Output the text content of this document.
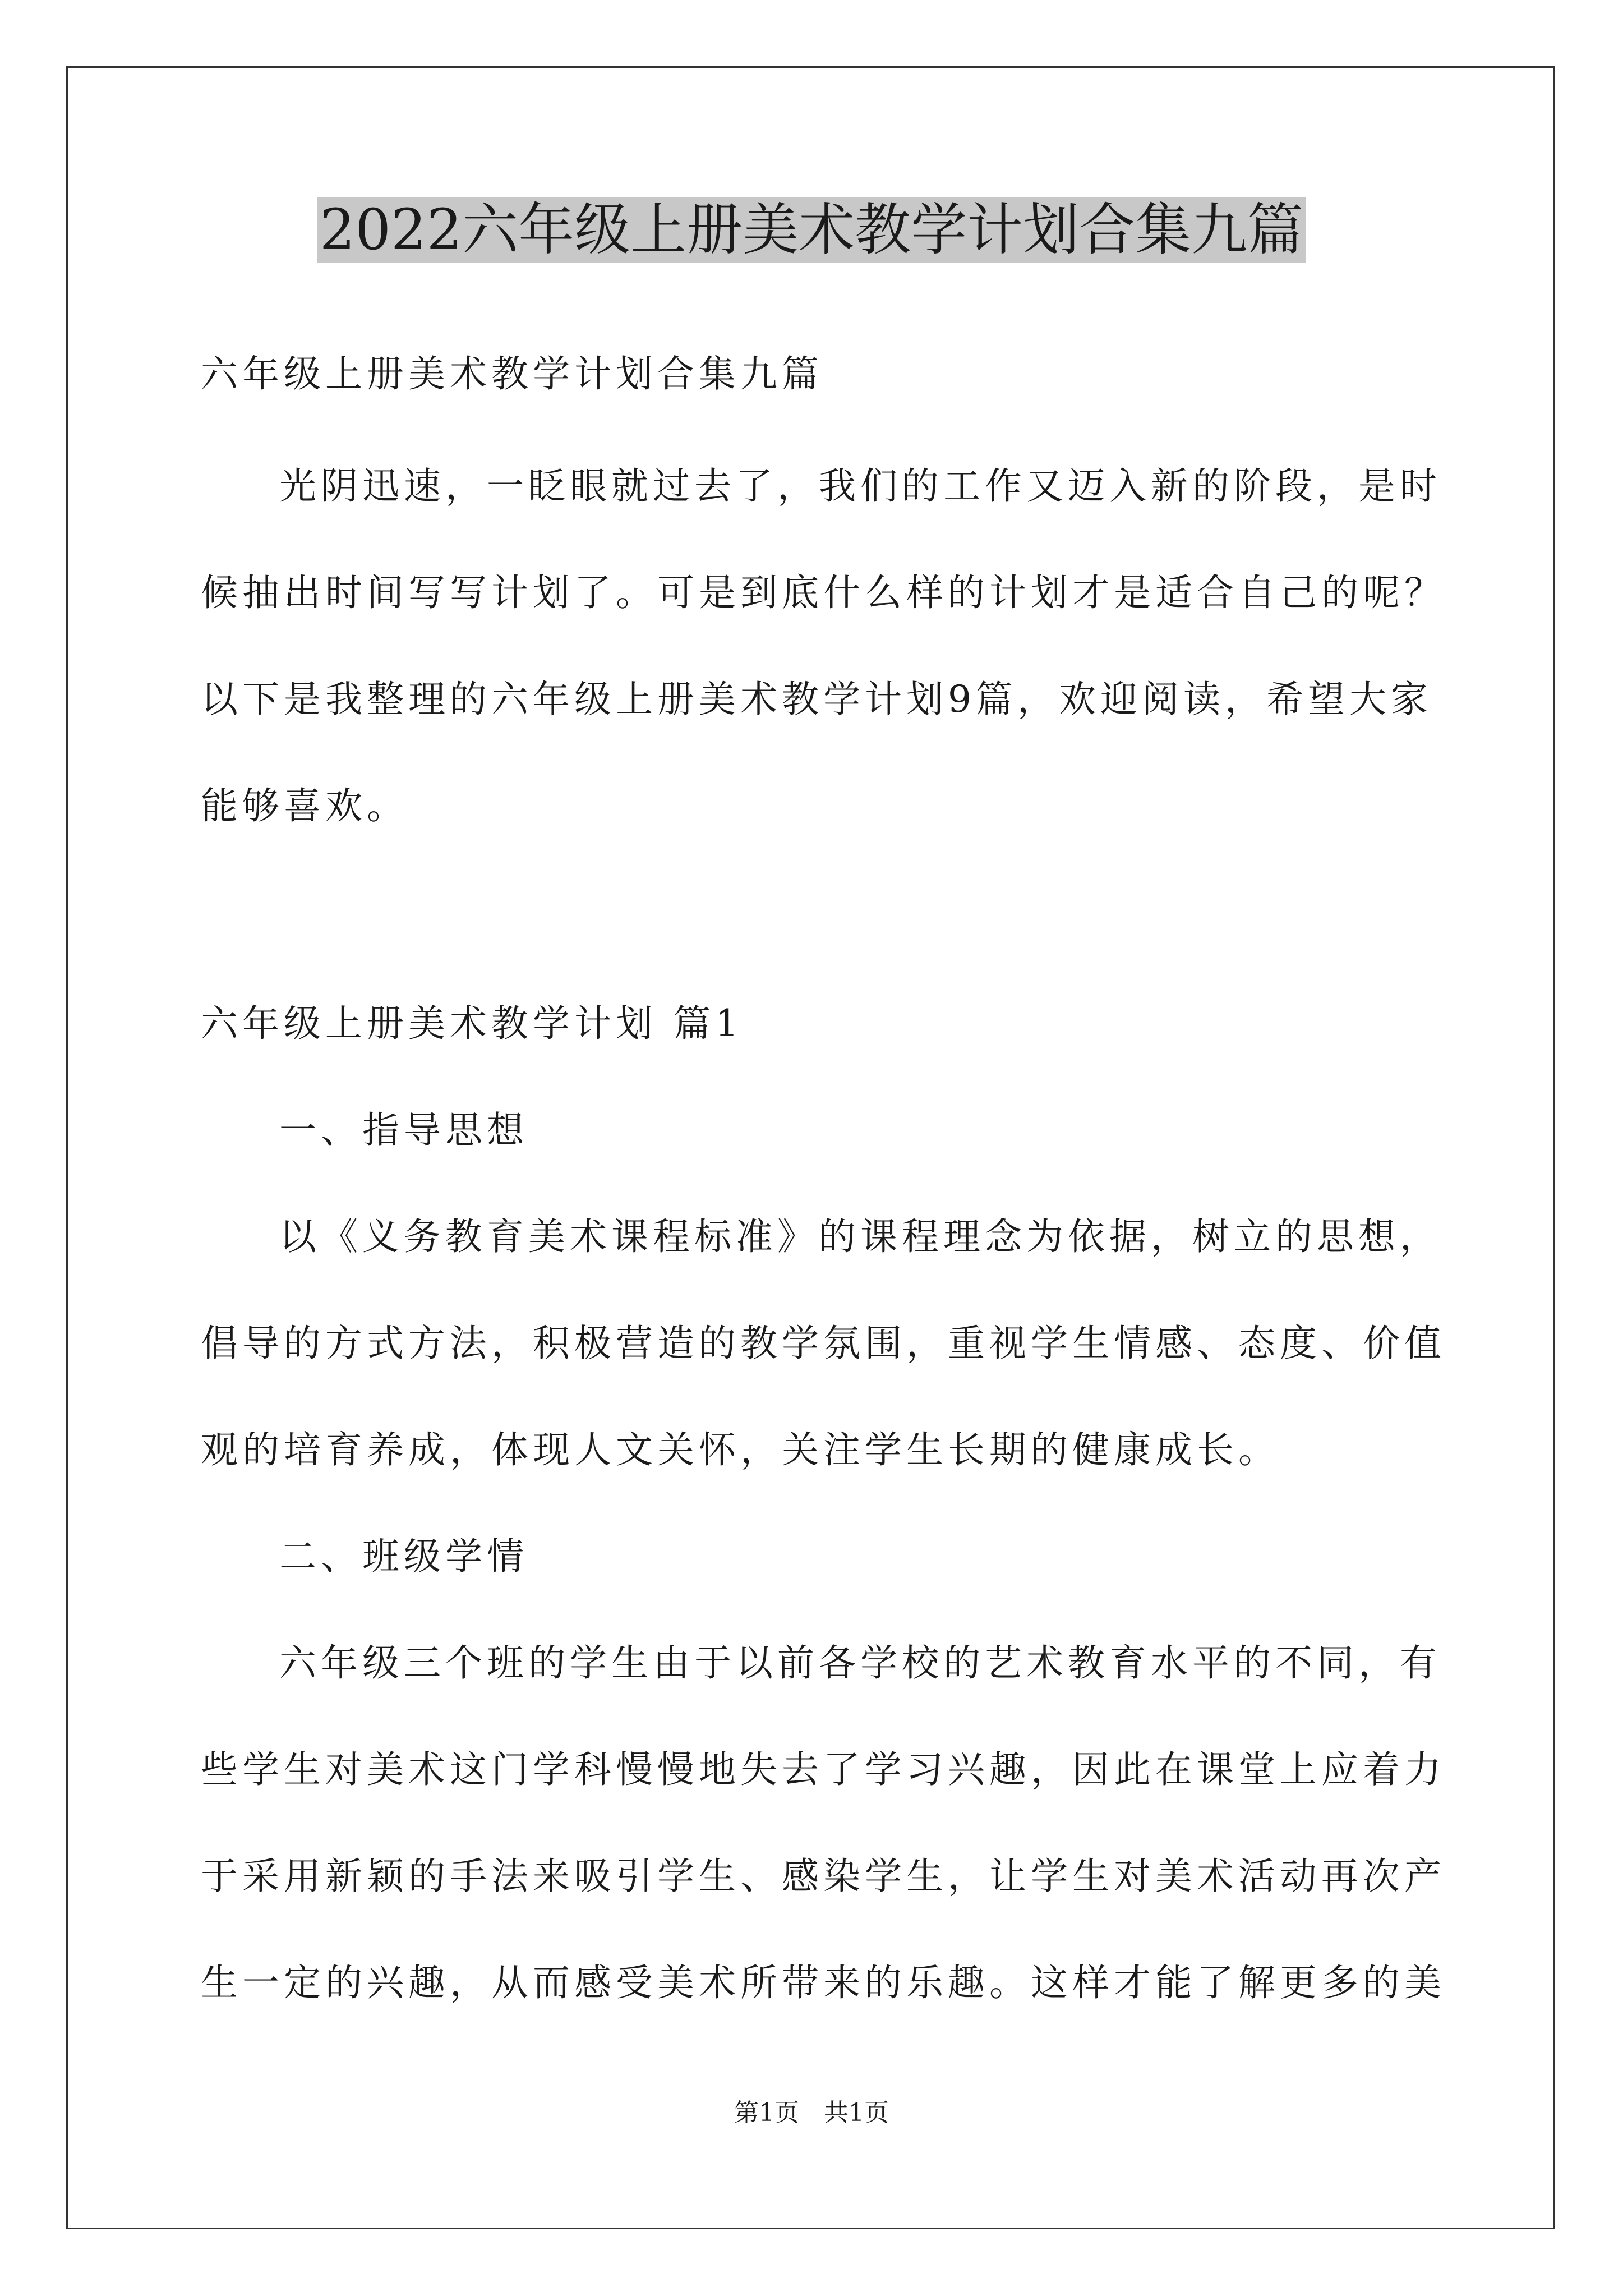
2022六年级上册美术教学计划合集九篇
六年级上册美术教学计划合集九篇
光阴迅速，一眨眼就过去了，我们的工作又迈入新的阶段，是时
候抽出时间写写计划了。可是到底什么样的计划才是适合自己的呢？
以下是我整理的六年级上册美术教学计划9篇，欢迎阅读，希望大家
能够喜欢。
六年级上册美术教学计划 篇1
一、指导思想
以《义务教育美术课程标准》的课程理念为依据，树立的思想，
倡导的方式方法，积极营造的教学氛围，重视学生情感、态度、价值
观的培育养成，体现人文关怀，关注学生长期的健康成长。
二、班级学情
六年级三个班的学生由于以前各学校的艺术教育水平的不同，有
些学生对美术这门学科慢慢地失去了学习兴趣，因此在课堂上应着力
于采用新颖的手法来吸引学生、感染学生，让学生对美术活动再次产
生一定的兴趣，从而感受美术所带来的乐趣。这样才能了解更多的美
第1页 共1页
